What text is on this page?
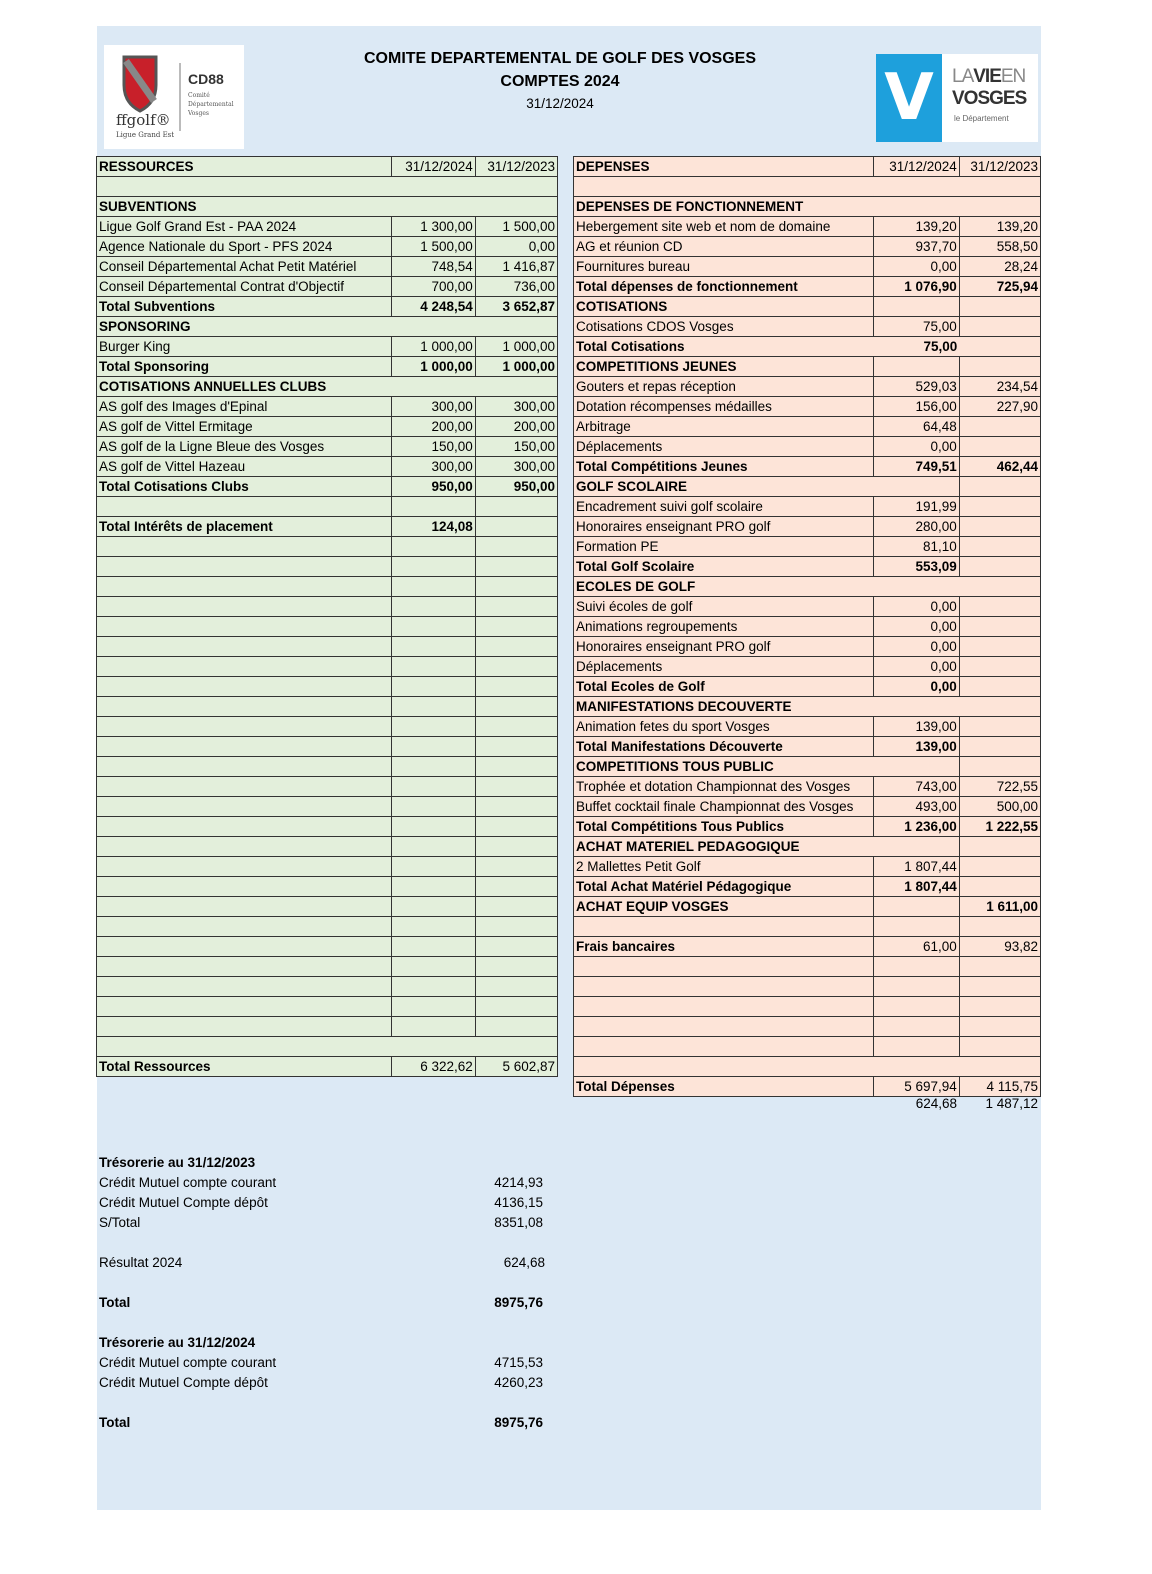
ffgolf®
Ligue Grand Est
CD88
Comité Départemental Vosges
COMITE DEPARTEMENTAL DE GOLF DES VOSGES
COMPTES 2024
31/12/2024	V LAVIEEN
VOSGES
le Département
RESSOURCES	31/12/2024	31/12/2023

SUBVENTIONS		
Ligue Golf Grand Est - PAA 2024	1 300,00	1 500,00
Agence Nationale du Sport - PFS 2024	1 500,00	0,00
Conseil Départemental Achat Petit Matériel	748,54	1 416,87
Conseil Départemental Contrat d'Objectif	700,00	736,00
Total Subventions	4 248,54	3 652,87
SPONSORING		
Burger King	1 000,00	1 000,00
Total Sponsoring	1 000,00	1 000,00
COTISATIONS ANNUELLES CLUBS		
AS golf des Images d'Epinal	300,00	300,00
AS golf de Vittel Ermitage	200,00	200,00
AS golf de la Ligne Bleue des Vosges	150,00	150,00
AS golf de Vittel Hazeau	300,00	300,00
Total Cotisations Clubs	950,00	950,00

Total Intérêts de placement	124,08	

Total Ressources	6 322,62	5 602,87
DEPENSES	31/12/2024	31/12/2023

DEPENSES DE FONCTIONNEMENT		
Hebergement site web et nom de domaine	139,20	139,20
AG et réunion CD	937,70	558,50
Fournitures bureau	0,00	28,24
Total dépenses de fonctionnement	1 076,90	725,94
COTISATIONS		
Cotisations CDOS Vosges	75,00	
Total Cotisations	75,00	
COMPETITIONS JEUNES		
Gouters et repas réception	529,03	234,54
Dotation récompenses médailles	156,00	227,90
Arbitrage	64,48	
Déplacements	0,00	
Total Compétitions Jeunes	749,51	462,44
GOLF SCOLAIRE		
Encadrement suivi golf scolaire	191,99	
Honoraires enseignant PRO golf	280,00	
Formation PE	81,10	
Total Golf Scolaire	553,09	
ECOLES DE GOLF		
Suivi écoles de golf	0,00	
Animations regroupements	0,00	
Honoraires enseignant PRO golf	0,00	
Déplacements	0,00	
Total Ecoles de Golf	0,00	
MANIFESTATIONS DECOUVERTE		
Animation fetes du sport Vosges	139,00	
Total Manifestations Découverte	139,00	
COMPETITIONS TOUS PUBLIC		
Trophée et dotation Championnat des Vosges	743,00	722,55
Buffet cocktail finale Championnat des Vosges	493,00	500,00
Total Compétitions Tous Publics	1 236,00	1 222,55
ACHAT MATERIEL PEDAGOGIQUE		
2 Mallettes Petit Golf	1 807,44	
Total Achat Matériel Pédagogique	1 807,44	
ACHAT EQUIP VOSGES		1 611,00

Frais bancaires	61,00	93,82

Total Dépenses	5 697,94	4 115,75
624,68	1 487,12
Trésorerie au 31/12/2023
Crédit Mutuel compte courant	4214,93
Crédit Mutuel Compte dépôt	4136,15
S/Total	8351,08
Résultat 2024	624,68
Total	8975,76
Trésorerie au 31/12/2024
Crédit Mutuel compte courant	4715,53
Crédit Mutuel Compte dépôt	4260,23
Total	8975,76
